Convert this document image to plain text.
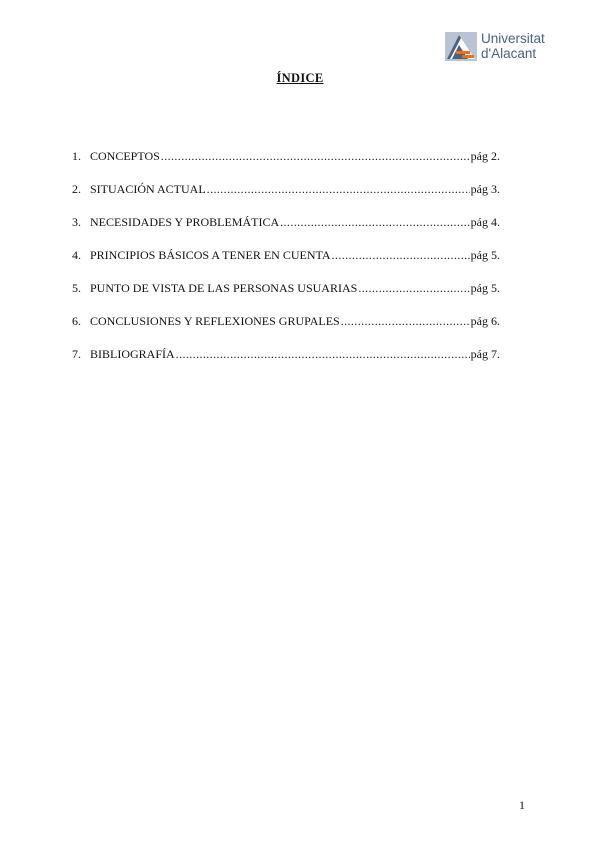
Universitat
d'Alacant
ÍNDICE
1. CONCEPTOS .....	pág 2.
2. SITUACIÓN ACTUAL .....	pág 3.
3. NECESIDADES Y PROBLEMÁTICA .....	pág 4.
4. PRINCIPIOS BÁSICOS A TENER EN CUENTA .....	pág 5.
5. PUNTO DE VISTA DE LAS PERSONAS USUARIAS .....	pág 5.
6. CONCLUSIONES Y REFLEXIONES GRUPALES .....	pág 6.
7. BIBLIOGRAFÍA .....	pág 7.
1
